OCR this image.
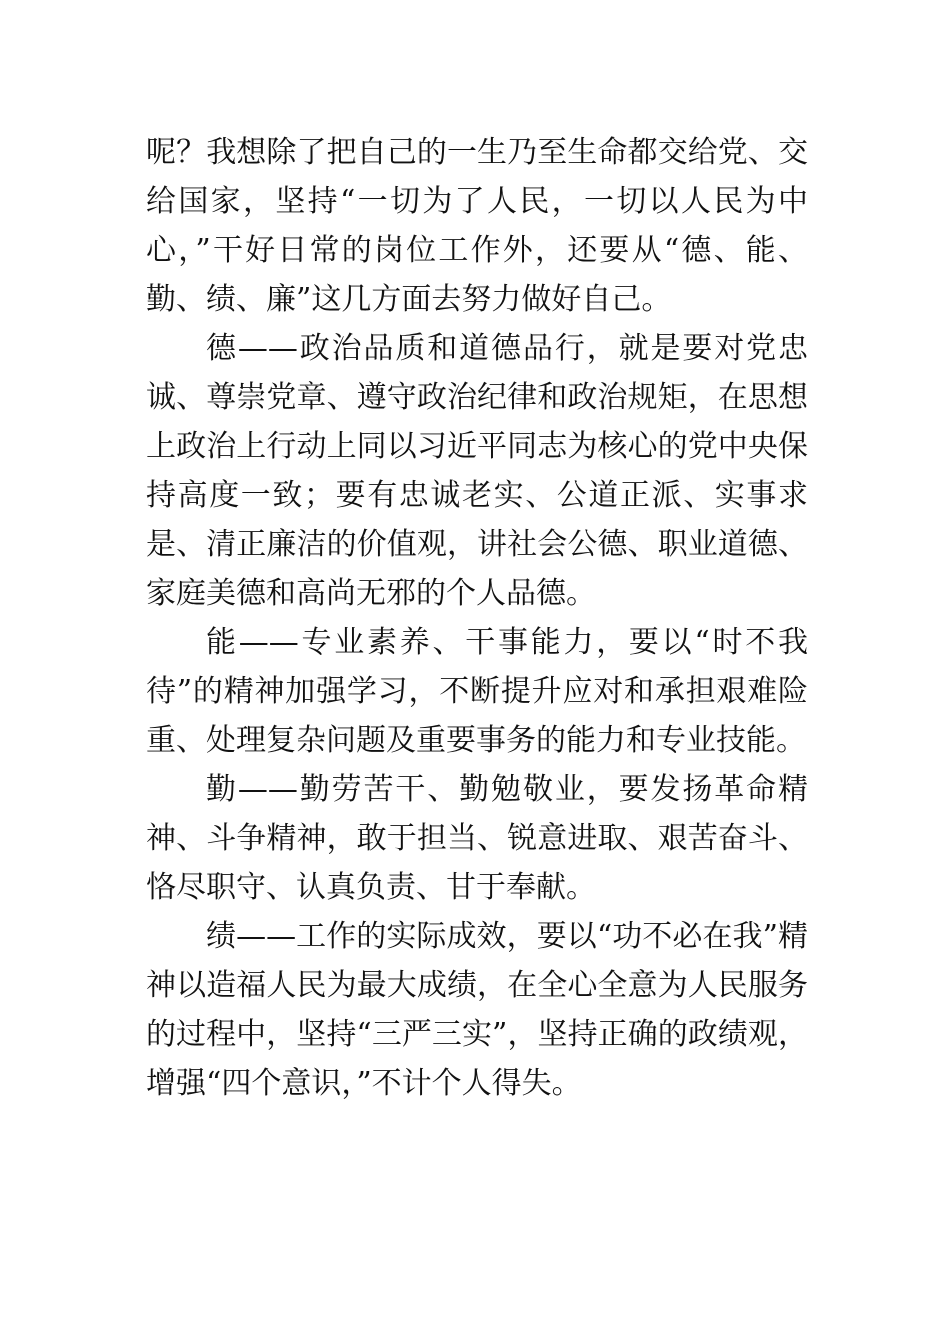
呢？我想除了把自己的一生乃至生命都交给党、交给国家，坚持“一切为了人民，一切以人民为中心，”干好日常的岗位工作外，还要从“德、能、勤、绩、廉”这几方面去努力做好自己。

德——政治品质和道德品行，就是要对党忠诚、尊崇党章、遵守政治纪律和政治规矩，在思想上政治上行动上同以习近平同志为核心的党中央保持高度一致；要有忠诚老实、公道正派、实事求是、清正廉洁的价值观，讲社会公德、职业道德、家庭美德和高尚无邪的个人品德。

能——专业素养、干事能力，要以“时不我待”的精神加强学习，不断提升应对和承担艰难险重、处理复杂问题及重要事务的能力和专业技能。

勤——勤劳苦干、勤勉敬业，要发扬革命精神、斗争精神，敢于担当、锐意进取、艰苦奋斗、恪尽职守、认真负责、甘于奉献。

绩——工作的实际成效，要以“功不必在我”精神以造福人民为最大成绩，在全心全意为人民服务的过程中，坚持“三严三实”，坚持正确的政绩观，增强“四个意识，”不计个人得失。
